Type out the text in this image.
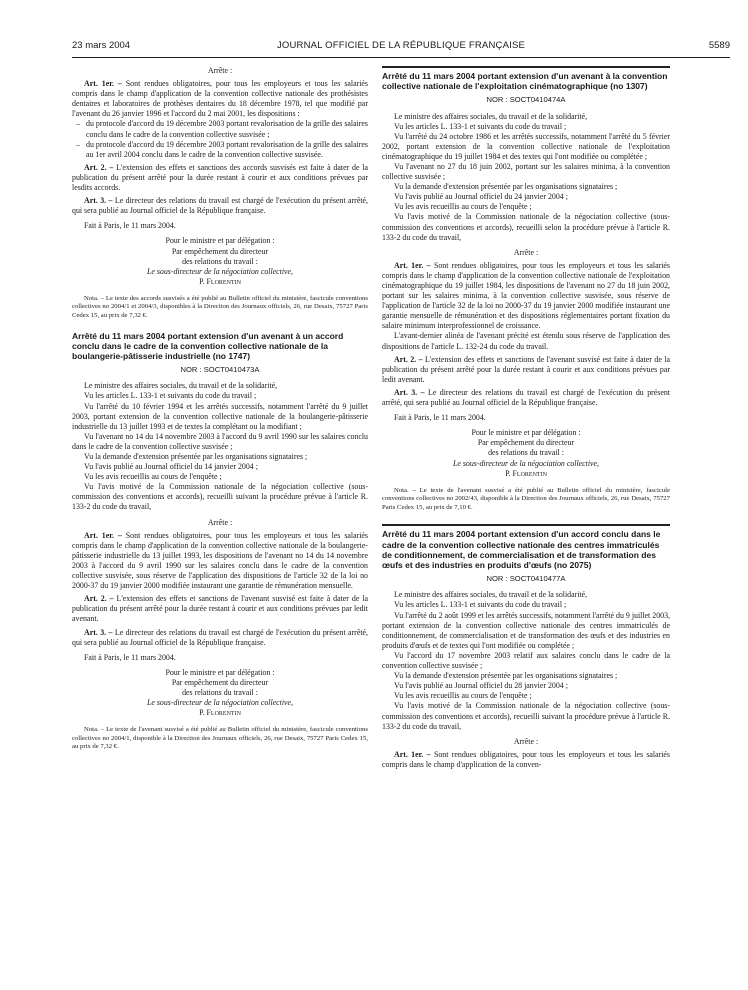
23 mars 2004	JOURNAL OFFICIEL DE LA RÉPUBLIQUE FRANÇAISE	5589

Arrête :

Art. 1er. – Sont rendues obligatoires, pour tous les employeurs et tous les salariés compris dans le champ d'application de la convention collective nationale des prothésistes dentaires et laboratoires de prothèses dentaires du 18 décembre 1978, tel que modifié par l'avenant du 26 janvier 1996 et l'accord du 2 mai 2001, les dispositions :

– du protocole d'accord du 19 décembre 2003 portant revalorisation de la grille des salaires conclu dans le cadre de la convention collective susvisée ;

– du protocole d'accord du 19 décembre 2003 portant revalorisation de la grille des salaires au 1er avril 2004 conclu dans le cadre de la convention collective susvisée.

Art. 2. – L'extension des effets et sanctions des accords susvisés est faite à dater de la publication du présent arrêté pour la durée restant à courir et aux conditions prévues par lesdits accords.

Art. 3. – Le directeur des relations du travail est chargé de l'exécution du présent arrêté, qui sera publié au Journal officiel de la République française.

Fait à Paris, le 11 mars 2004.

Pour le ministre et par délégation :

Par empêchement du directeur

des relations du travail :

Le sous-directeur de la négociation collective,

P. Florentin

Nota. – Le texte des accords susvisés a été publié au Bulletin officiel du ministère, fascicule conventions collectives no 2004/1 et 2004/3, disponibles à la Direction des Journaux officiels, 26, rue Desaix, 75727 Paris Cedex 15, au prix de 7,32 €.

Arrêté du 11 mars 2004 portant extension d'un avenant à un accord conclu dans le cadre de la convention collective nationale de la boulangerie-pâtisserie industrielle (no 1747)

NOR : SOCT0410473A

Le ministre des affaires sociales, du travail et de la solidarité,

Vu les articles L. 133-1 et suivants du code du travail ;

Vu l'arrêté du 10 février 1994 et les arrêtés successifs, notamment l'arrêté du 9 juillet 2003, portant extension de la convention collective nationale de la boulangerie-pâtisserie industrielle du 13 juillet 1993 et de textes la complétant ou la modifiant ;

Vu l'avenant no 14 du 14 novembre 2003 à l'accord du 9 avril 1990 sur les salaires conclu dans le cadre de la convention collective susvisée ;

Vu la demande d'extension présentée par les organisations signataires ;

Vu l'avis publié au Journal officiel du 14 janvier 2004 ;

Vu les avis recueillis au cours de l'enquête ;

Vu l'avis motivé de la Commission nationale de la négociation collective (sous-commission des conventions et accords), recueilli suivant la procédure prévue à l'article R. 133-2 du code du travail,

Arrête :

Art. 1er. – Sont rendues obligatoires, pour tous les employeurs et tous les salariés compris dans le champ d'application de la convention collective nationale de la boulangerie-pâtisserie industrielle du 13 juillet 1993, les dispositions de l'avenant no 14 du 14 novembre 2003 à l'accord du 9 avril 1990 sur les salaires conclu dans le cadre de la convention collective susvisée, sous réserve de l'application des dispositions de l'article 32 de la loi no 2000-37 du 19 janvier 2000 modifiée instaurant une garantie de rémunération mensuelle.

Art. 2. – L'extension des effets et sanctions de l'avenant susvisé est faite à dater de la publication du présent arrêté pour la durée restant à courir et aux conditions prévues par ledit avenant.

Art. 3. – Le directeur des relations du travail est chargé de l'exécution du présent arrêté, qui sera publié au Journal officiel de la République française.

Fait à Paris, le 11 mars 2004.

Pour le ministre et par délégation :

Par empêchement du directeur

des relations du travail :

Le sous-directeur de la négociation collective,

P. Florentin

Nota. – Le texte de l'avenant susvisé a été publié au Bulletin officiel du ministère, fascicule conventions collectives no 2004/1, disponible à la Direction des Journaux officiels, 26, rue Desaix, 75727 Paris Cedex 15, au prix de 7,32 €.

Arrêté du 11 mars 2004 portant extension d'un avenant à la convention collective nationale de l'exploitation cinématographique (no 1307)

NOR : SOCT0410474A

Le ministre des affaires sociales, du travail et de la solidarité,

Vu les articles L. 133-1 et suivants du code du travail ;

Vu l'arrêté du 24 octobre 1986 et les arrêtés successifs, notamment l'arrêté du 5 février 2002, portant extension de la convention collective nationale de l'exploitation cinématographique du 19 juillet 1984 et des textes qui l'ont modifiée ou complétée ;

Vu l'avenant no 27 du 18 juin 2002, portant sur les salaires minima, à la convention collective susvisée ;

Vu la demande d'extension présentée par les organisations signataires ;

Vu l'avis publié au Journal officiel du 24 janvier 2004 ;

Vu les avis recueillis au cours de l'enquête ;

Vu l'avis motivé de la Commission nationale de la négociation collective (sous-commission des conventions et accords), recueilli selon la procédure prévue à l'article R. 133-2 du code du travail,

Arrête :

Art. 1er. – Sont rendues obligatoires, pour tous les employeurs et tous les salariés compris dans le champ d'application de la convention collective nationale de l'exploitation cinématographique du 19 juillet 1984, les dispositions de l'avenant no 27 du 18 juin 2002, portant sur les salaires minima, à la convention collective susvisée, sous réserve de l'application de l'article 32 de la loi no 2000-37 du 19 janvier 2000 modifiée instaurant une garantie mensuelle de rémunération et des dispositions réglementaires portant fixation du salaire minimum interprofessionnel de croissance.

L'avant-dernier alinéa de l'avenant précité est étendu sous réserve de l'application des dispositions de l'article L. 132-24 du code du travail.

Art. 2. – L'extension des effets et sanctions de l'avenant susvisé est faite à dater de la publication du présent arrêté pour la durée restant à courir et aux conditions prévues par ledit avenant.

Art. 3. – Le directeur des relations du travail est chargé de l'exécution du présent arrêté, qui sera publié au Journal officiel de la République française.

Fait à Paris, le 11 mars 2004.

Pour le ministre et par délégation :

Par empêchement du directeur

des relations du travail :

Le sous-directeur de la négociation collective,

P. Florentin

Nota. – Le texte de l'avenant susvisé a été publié au Bulletin officiel du ministère, fascicule conventions collectives no 2002/43, disponible à la Direction des Journaux officiels, 26, rue Desaix, 75727 Paris Cedex 15, au prix de 7,10 €.

Arrêté du 11 mars 2004 portant extension d'un accord conclu dans le cadre de la convention collective nationale des centres immatriculés de conditionnement, de commercialisation et de transformation des œufs et des industries en produits d'œufs (no 2075)

NOR : SOCT0410477A

Le ministre des affaires sociales, du travail et de la solidarité,

Vu les articles L. 133-1 et suivants du code du travail ;

Vu l'arrêté du 2 août 1999 et les arrêtés successifs, notamment l'arrêté du 9 juillet 2003, portant extension de la convention collective nationale des centres immatriculés de conditionnement, de commercialisation et de transformation des œufs et des industries en produits d'œufs et de textes qui l'ont modifiée ou complétée ;

Vu l'accord du 17 novembre 2003 relatif aux salaires conclu dans le cadre de la convention collective susvisée ;

Vu la demande d'extension présentée par les organisations signataires ;

Vu l'avis publié au Journal officiel du 28 janvier 2004 ;

Vu les avis recueillis au cours de l'enquête ;

Vu l'avis motivé de la Commission nationale de la négociation collective (sous-commission des conventions et accords), recueilli suivant la procédure prévue à l'article R. 133-2 du code du travail,

Arrête :

Art. 1er. – Sont rendues obligatoires, pour tous les employeurs et tous les salariés compris dans le champ d'application de la conven-
